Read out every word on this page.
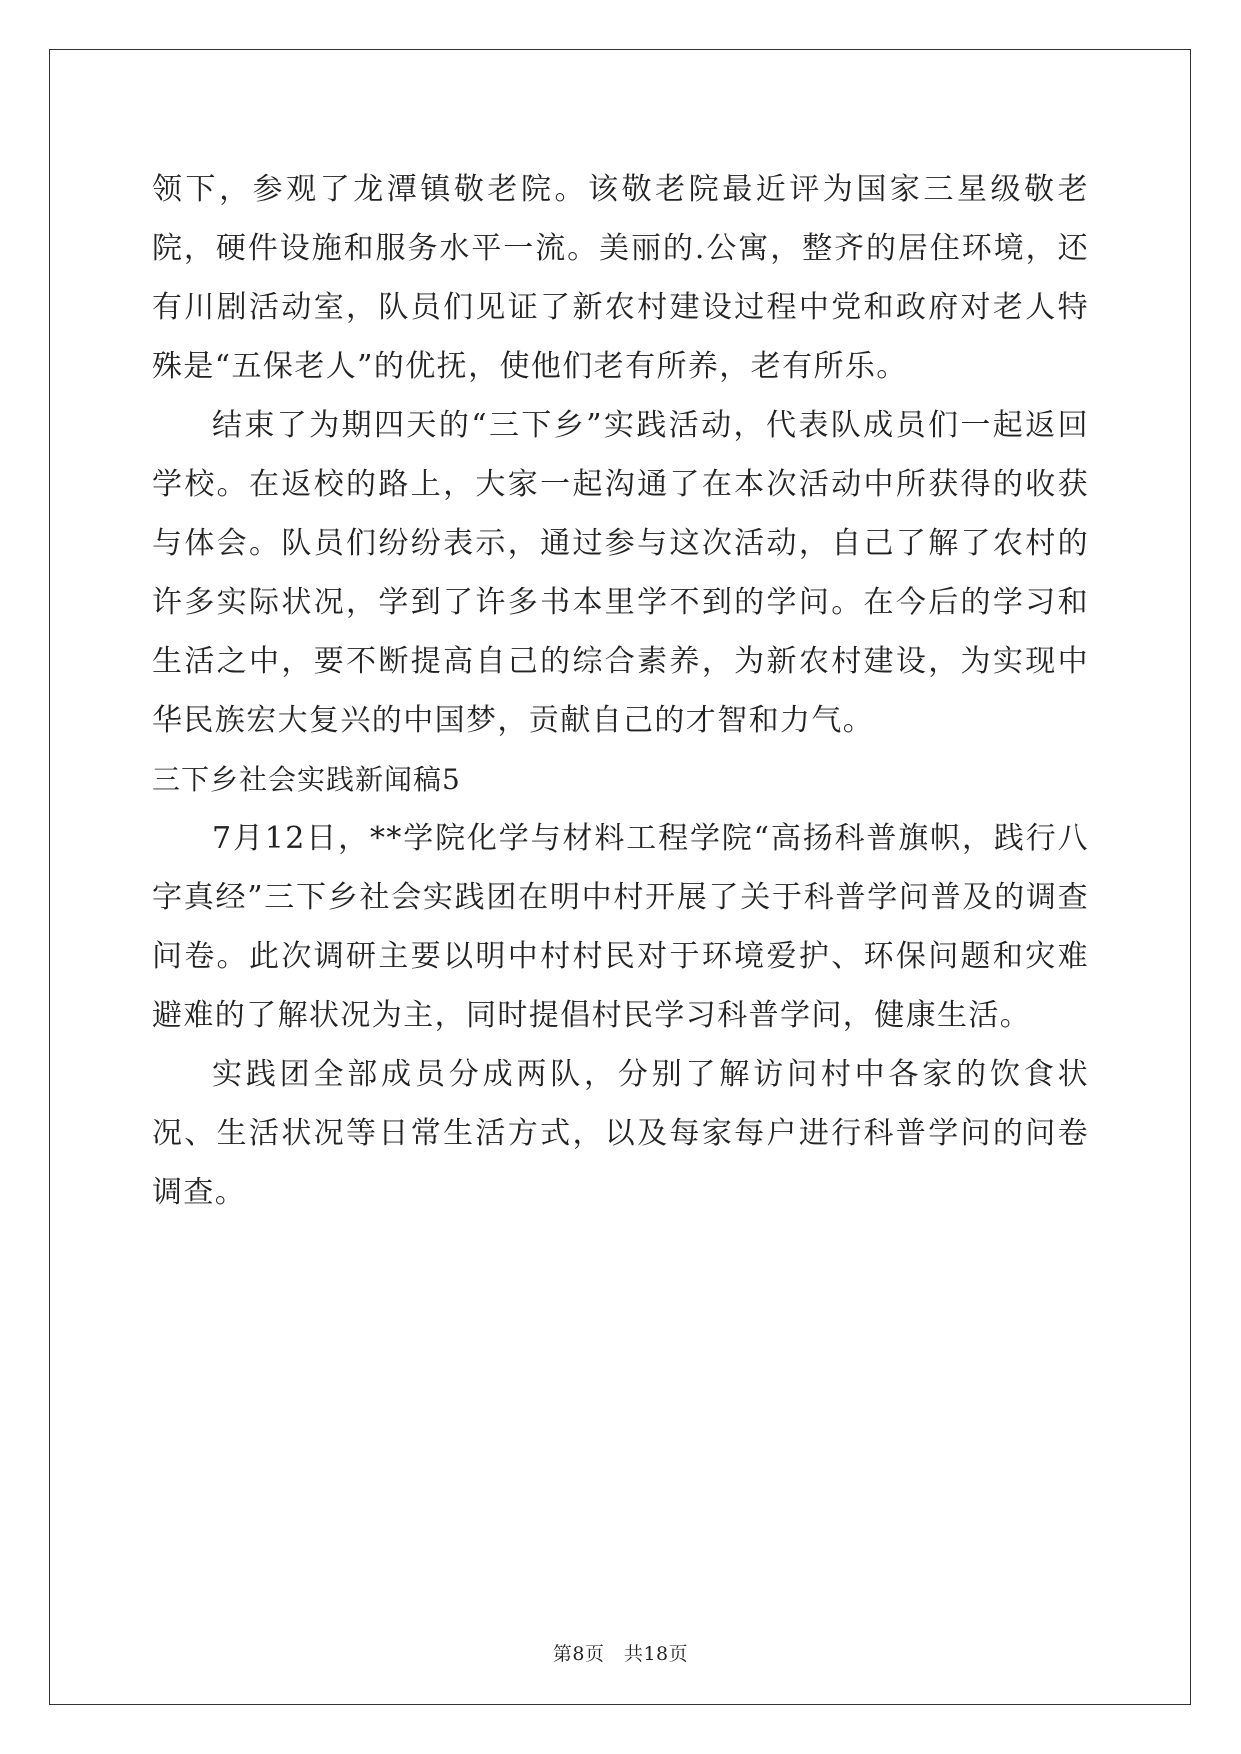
领下，参观了龙潭镇敬老院。该敬老院最近评为国家三星级敬老院，硬件设施和服务水平一流。美丽的.公寓，整齐的居住环境，还有川剧活动室，队员们见证了新农村建设过程中党和政府对老人特殊是“五保老人”的优抚，使他们老有所养，老有所乐。

结束了为期四天的“三下乡”实践活动，代表队成员们一起返回学校。在返校的路上，大家一起沟通了在本次活动中所获得的收获与体会。队员们纷纷表示，通过参与这次活动，自己了解了农村的许多实际状况，学到了许多书本里学不到的学问。在今后的学习和生活之中，要不断提高自己的综合素养，为新农村建设，为实现中华民族宏大复兴的中国梦，贡献自己的才智和力气。

三下乡社会实践新闻稿5

7月12日，**学院化学与材料工程学院“高扬科普旗帜，践行八字真经”三下乡社会实践团在明中村开展了关于科普学问普及的调查问卷。此次调研主要以明中村村民对于环境爱护、环保问题和灾难避难的了解状况为主，同时提倡村民学习科普学问，健康生活。

实践团全部成员分成两队，分别了解访问村中各家的饮食状况、生活状况等日常生活方式，以及每家每户进行科普学问的问卷调查。

第8页　共18页
